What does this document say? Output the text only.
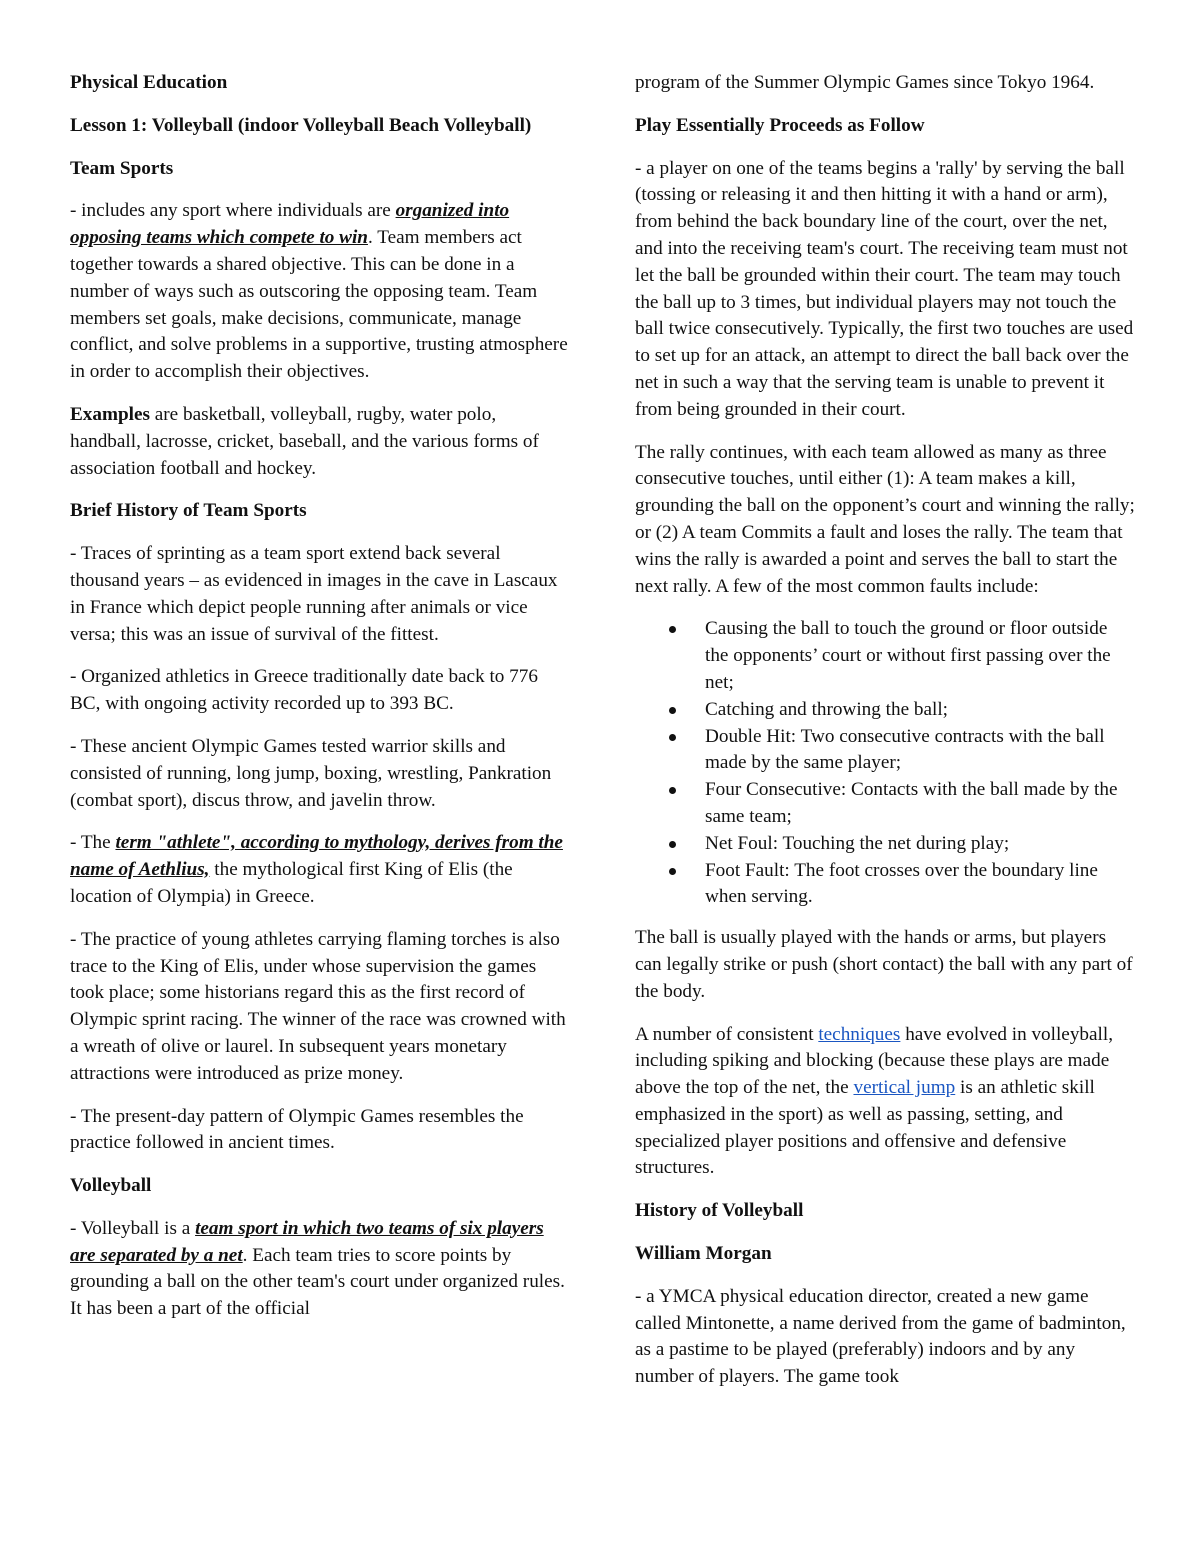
Physical Education

Lesson 1: Volleyball (indoor Volleyball Beach Volleyball)

Team Sports

- includes any sport where individuals are organized into opposing teams which compete to win. Team members act together towards a shared objective. This can be done in a number of ways such as outscoring the opposing team. Team members set goals, make decisions, communicate, manage conflict, and solve problems in a supportive, trusting atmosphere in order to accomplish their objectives.

Examples are basketball, volleyball, rugby, water polo, handball, lacrosse, cricket, baseball, and the various forms of association football and hockey.

Brief History of Team Sports

- Traces of sprinting as a team sport extend back several thousand years – as evidenced in images in the cave in Lascaux in France which depict people running after animals or vice versa; this was an issue of survival of the fittest.

- Organized athletics in Greece traditionally date back to 776 BC, with ongoing activity recorded up to 393 BC.

- These ancient Olympic Games tested warrior skills and consisted of running, long jump, boxing, wrestling, Pankration (combat sport), discus throw, and javelin throw.

- The term "athlete", according to mythology, derives from the name of Aethlius, the mythological first King of Elis (the location of Olympia) in Greece.

- The practice of young athletes carrying flaming torches is also trace to the King of Elis, under whose supervision the games took place; some historians regard this as the first record of Olympic sprint racing. The winner of the race was crowned with a wreath of olive or laurel. In subsequent years monetary attractions were introduced as prize money.

- The present-day pattern of Olympic Games resembles the practice followed in ancient times.

Volleyball

- Volleyball is a team sport in which two teams of six players are separated by a net. Each team tries to score points by grounding a ball on the other team's court under organized rules. It has been a part of the official

program of the Summer Olympic Games since Tokyo 1964.

Play Essentially Proceeds as Follow

- a player on one of the teams begins a 'rally' by serving the ball (tossing or releasing it and then hitting it with a hand or arm), from behind the back boundary line of the court, over the net, and into the receiving team's court. The receiving team must not let the ball be grounded within their court. The team may touch the ball up to 3 times, but individual players may not touch the ball twice consecutively. Typically, the first two touches are used to set up for an attack, an attempt to direct the ball back over the net in such a way that the serving team is unable to prevent it from being grounded in their court.

The rally continues, with each team allowed as many as three consecutive touches, until either (1): A team makes a kill, grounding the ball on the opponent’s court and winning the rally; or (2) A team Commits a fault and loses the rally. The team that wins the rally is awarded a point and serves the ball to start the next rally. A few of the most common faults include:

Causing the ball to touch the ground or floor outside the opponents’ court or without first passing over the net;
Catching and throwing the ball;
Double Hit: Two consecutive contracts with the ball made by the same player;
Four Consecutive: Contacts with the ball made by the same team;
Net Foul: Touching the net during play;
Foot Fault: The foot crosses over the boundary line when serving.

The ball is usually played with the hands or arms, but players can legally strike or push (short contact) the ball with any part of the body.

A number of consistent techniques have evolved in volleyball, including spiking and blocking (because these plays are made above the top of the net, the vertical jump is an athletic skill emphasized in the sport) as well as passing, setting, and specialized player positions and offensive and defensive structures.

History of Volleyball

William Morgan

- a YMCA physical education director, created a new game called Mintonette, a name derived from the game of badminton, as a pastime to be played (preferably) indoors and by any number of players. The game took
